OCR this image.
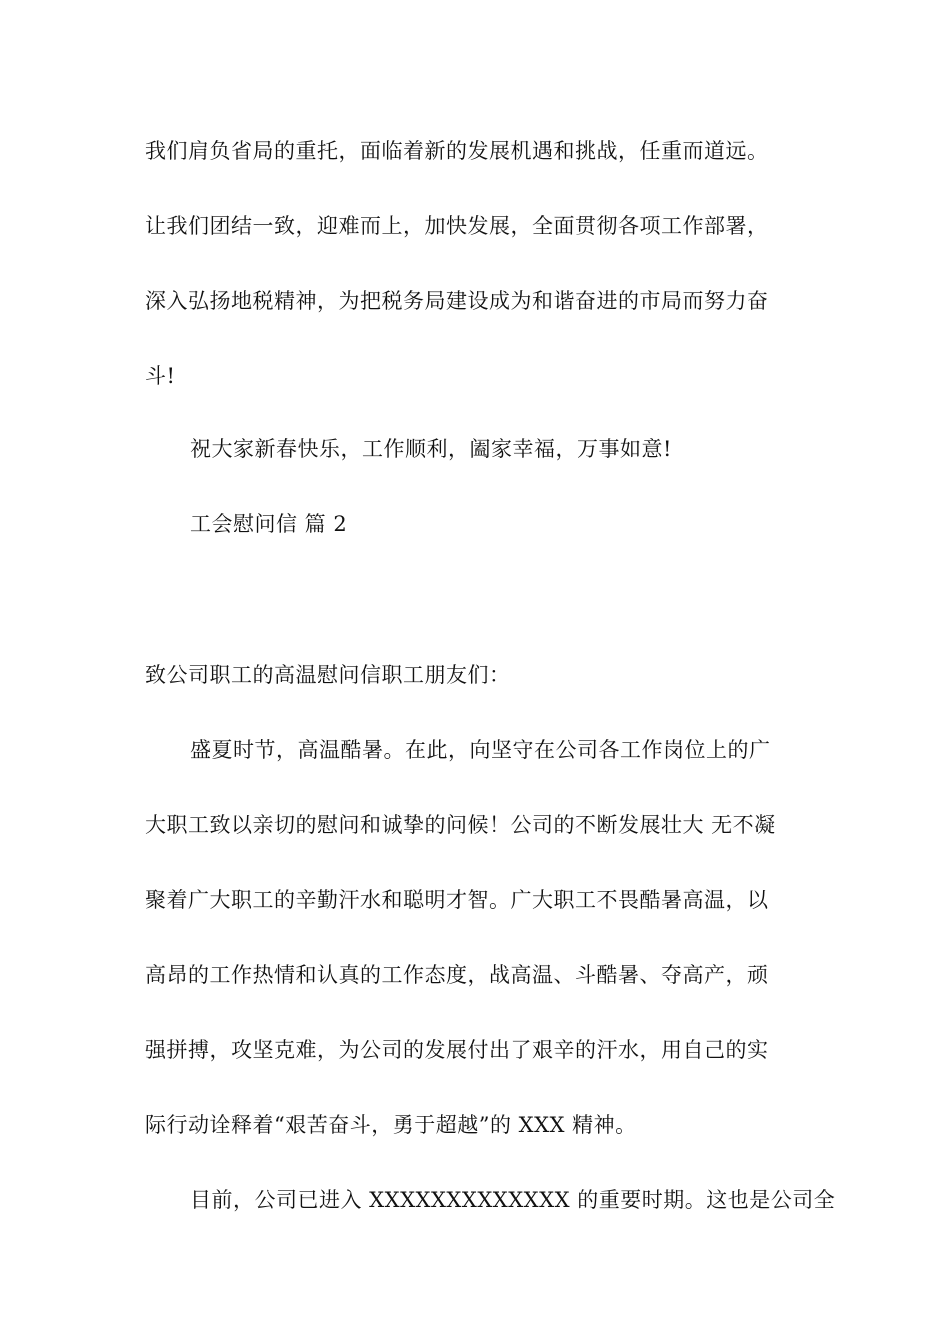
我们肩负省局的重托，面临着新的发展机遇和挑战，任重而道远。
让我们团结一致，迎难而上，加快发展，全面贯彻各项工作部署，
深入弘扬地税精神，为把税务局建设成为和谐奋进的市局而努力奋
斗!
祝大家新春快乐，工作顺利，阖家幸福，万事如意!
工会慰问信 篇 2
致公司职工的高温慰问信职工朋友们：
盛夏时节，高温酷暑。在此，向坚守在公司各工作岗位上的广
大职工致以亲切的慰问和诚挚的问候！公司的不断发展壮大 无不凝
聚着广大职工的辛勤汗水和聪明才智。广大职工不畏酷暑高温，以
高昂的工作热情和认真的工作态度，战高温、斗酷暑、夺高产，顽
强拼搏，攻坚克难，为公司的发展付出了艰辛的汗水，用自己的实
际行动诠释着“艰苦奋斗，勇于超越”的 XXX 精神。
目前，公司已进入 XXXXXXXXXXXXX 的重要时期。这也是公司全
